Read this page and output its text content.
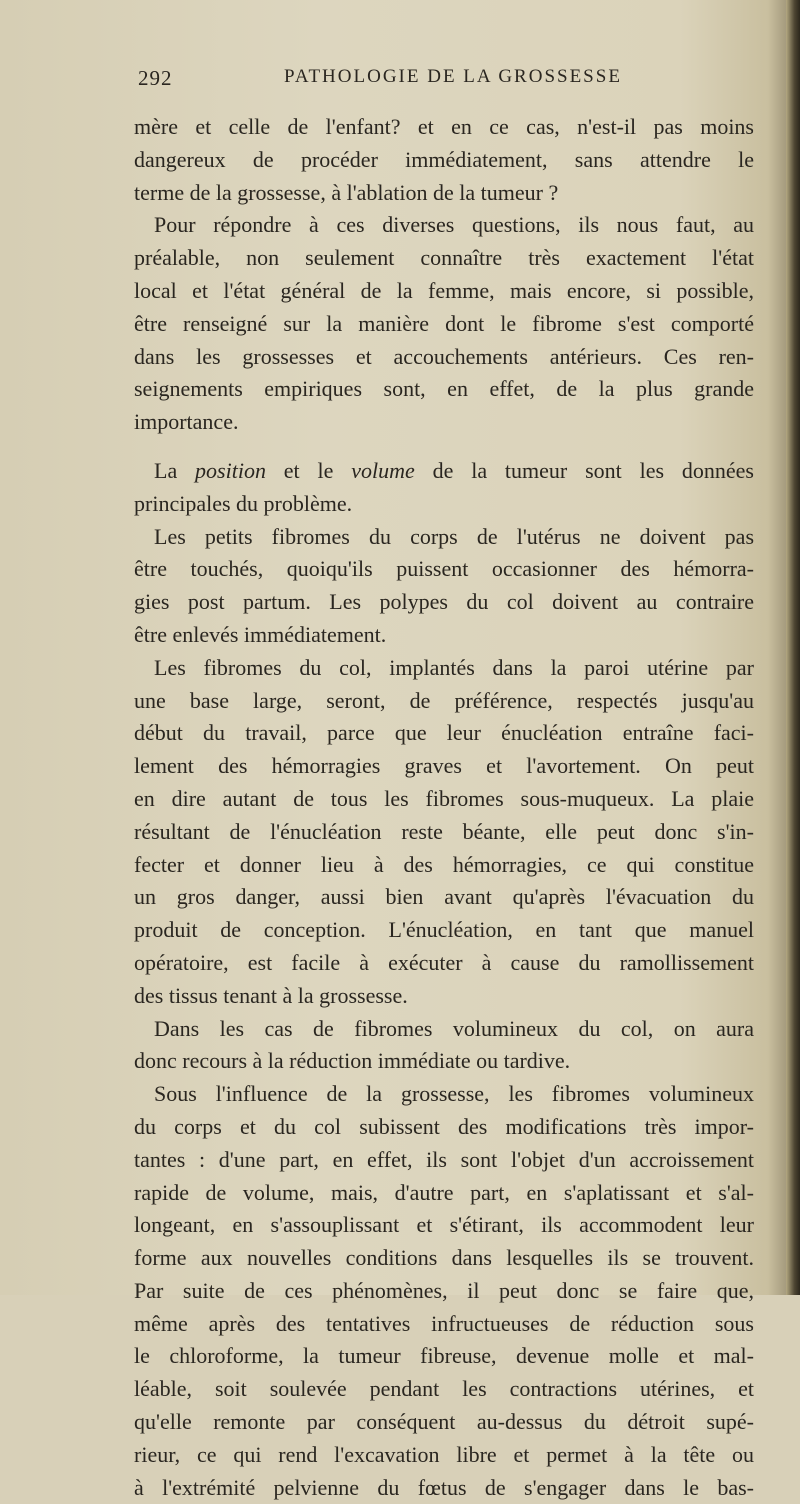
292	PATHOLOGIE DE LA GROSSESSE
mère et celle de l'enfant? et en ce cas, n'est-il pas moins
dangereux de procéder immédiatement, sans attendre le
terme de la grossesse, à l'ablation de la tumeur ?
Pour répondre à ces diverses questions, ils nous faut, au
préalable, non seulement connaître très exactement l'état
local et l'état général de la femme, mais encore, si possible,
être renseigné sur la manière dont le fibrome s'est comporté
dans les grossesses et accouchements antérieurs. Ces ren-
seignements empiriques sont, en effet, de la plus grande
importance.
La position et le volume de la tumeur sont les données
principales du problème.
Les petits fibromes du corps de l'utérus ne doivent pas
être touchés, quoiqu'ils puissent occasionner des hémorra-
gies post partum. Les polypes du col doivent au contraire
être enlevés immédiatement.
Les fibromes du col, implantés dans la paroi utérine par
une base large, seront, de préférence, respectés jusqu'au
début du travail, parce que leur énucléation entraîne faci-
lement des hémorragies graves et l'avortement. On peut
en dire autant de tous les fibromes sous-muqueux. La plaie
résultant de l'énucléation reste béante, elle peut donc s'in-
fecter et donner lieu à des hémorragies, ce qui constitue
un gros danger, aussi bien avant qu'après l'évacuation du
produit de conception. L'énucléation, en tant que manuel
opératoire, est facile à exécuter à cause du ramollissement
des tissus tenant à la grossesse.
Dans les cas de fibromes volumineux du col, on aura
donc recours à la réduction immédiate ou tardive.
Sous l'influence de la grossesse, les fibromes volumineux
du corps et du col subissent des modifications très impor-
tantes : d'une part, en effet, ils sont l'objet d'un accroissement
rapide de volume, mais, d'autre part, en s'aplatissant et s'al-
longeant, en s'assouplissant et s'étirant, ils accommodent leur
forme aux nouvelles conditions dans lesquelles ils se trouvent.
Par suite de ces phénomènes, il peut donc se faire que,
même après des tentatives infructueuses de réduction sous
le chloroforme, la tumeur fibreuse, devenue molle et mal-
léable, soit soulevée pendant les contractions utérines, et
qu'elle remonte par conséquent au-dessus du détroit supé-
rieur, ce qui rend l'excavation libre et permet à la tête ou
à l'extrémité pelvienne du fœtus de s'engager dans le bas-
